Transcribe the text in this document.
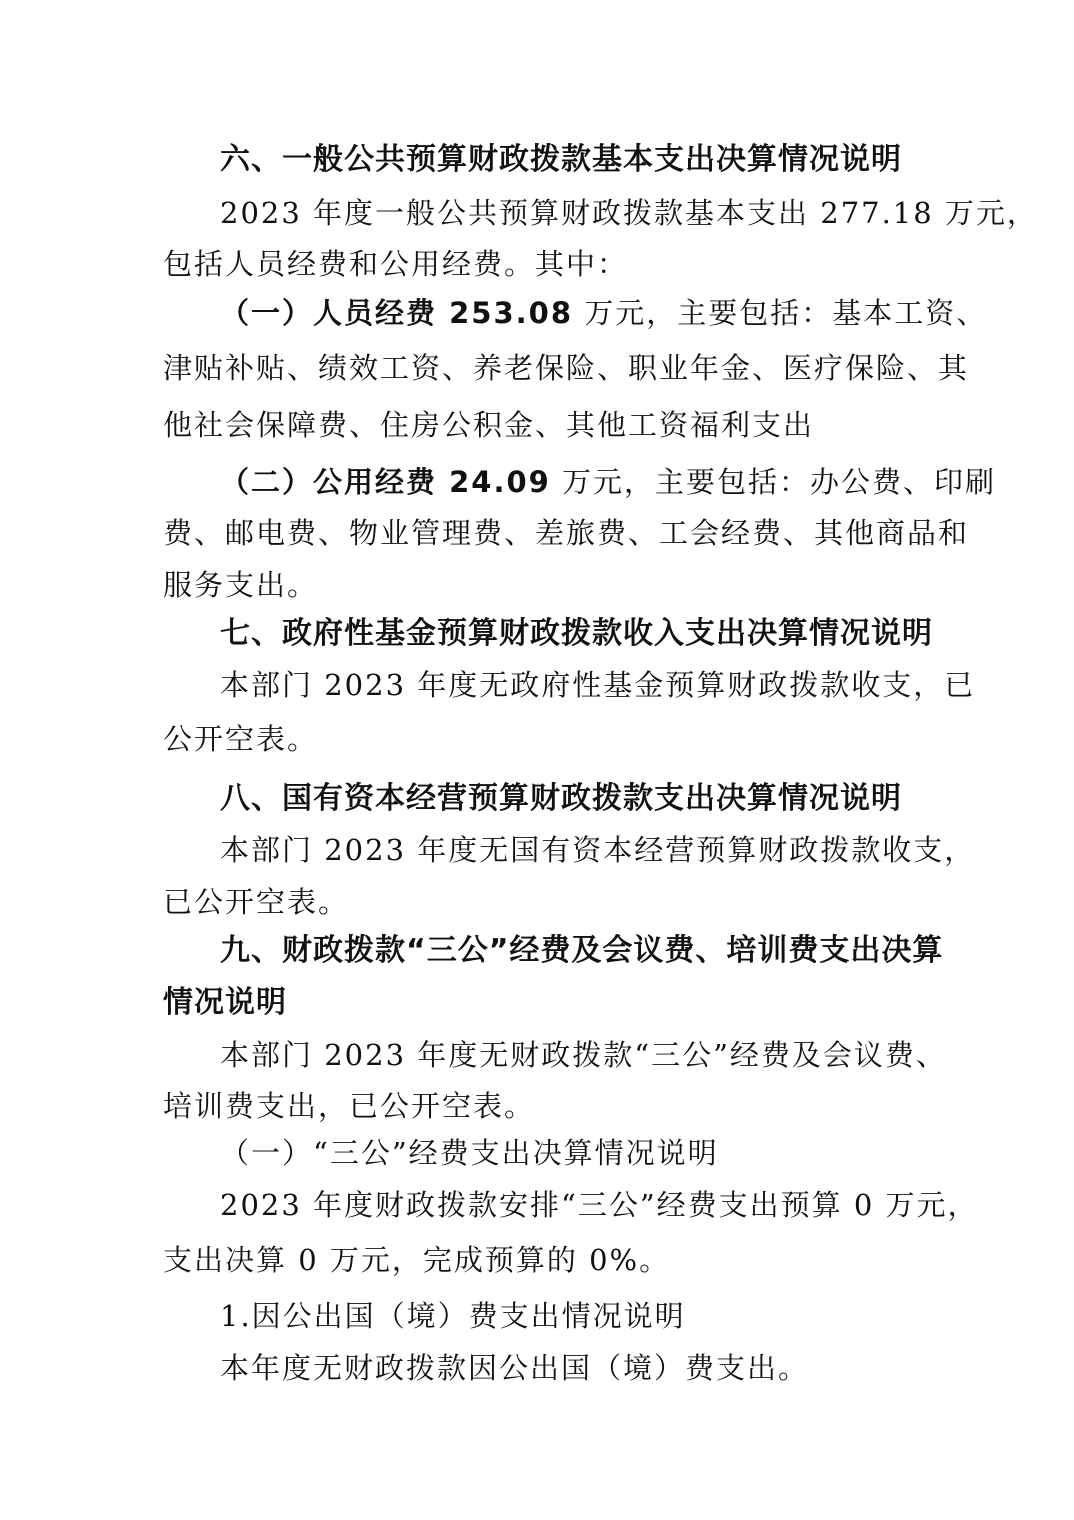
六、一般公共预算财政拨款基本支出决算情况说明
2023 年度一般公共预算财政拨款基本支出 277.18 万元，
包括人员经费和公用经费。其中：
（一）人员经费 253.08 万元，主要包括：基本工资、
津贴补贴、绩效工资、养老保险、职业年金、医疗保险、其
他社会保障费、住房公积金、其他工资福利支出
（二）公用经费 24.09 万元，主要包括：办公费、印刷
费、邮电费、物业管理费、差旅费、工会经费、其他商品和
服务支出。
七、政府性基金预算财政拨款收入支出决算情况说明
本部门 2023 年度无政府性基金预算财政拨款收支，已
公开空表。
八、国有资本经营预算财政拨款支出决算情况说明
本部门 2023 年度无国有资本经营预算财政拨款收支，
已公开空表。
九、财政拨款“三公”经费及会议费、培训费支出决算
情况说明
本部门 2023 年度无财政拨款“三公”经费及会议费、
培训费支出，已公开空表。
（一）“三公”经费支出决算情况说明
2023 年度财政拨款安排“三公”经费支出预算 0 万元，
支出决算 0 万元，完成预算的 0%。
1.因公出国（境）费支出情况说明
本年度无财政拨款因公出国（境）费支出。
